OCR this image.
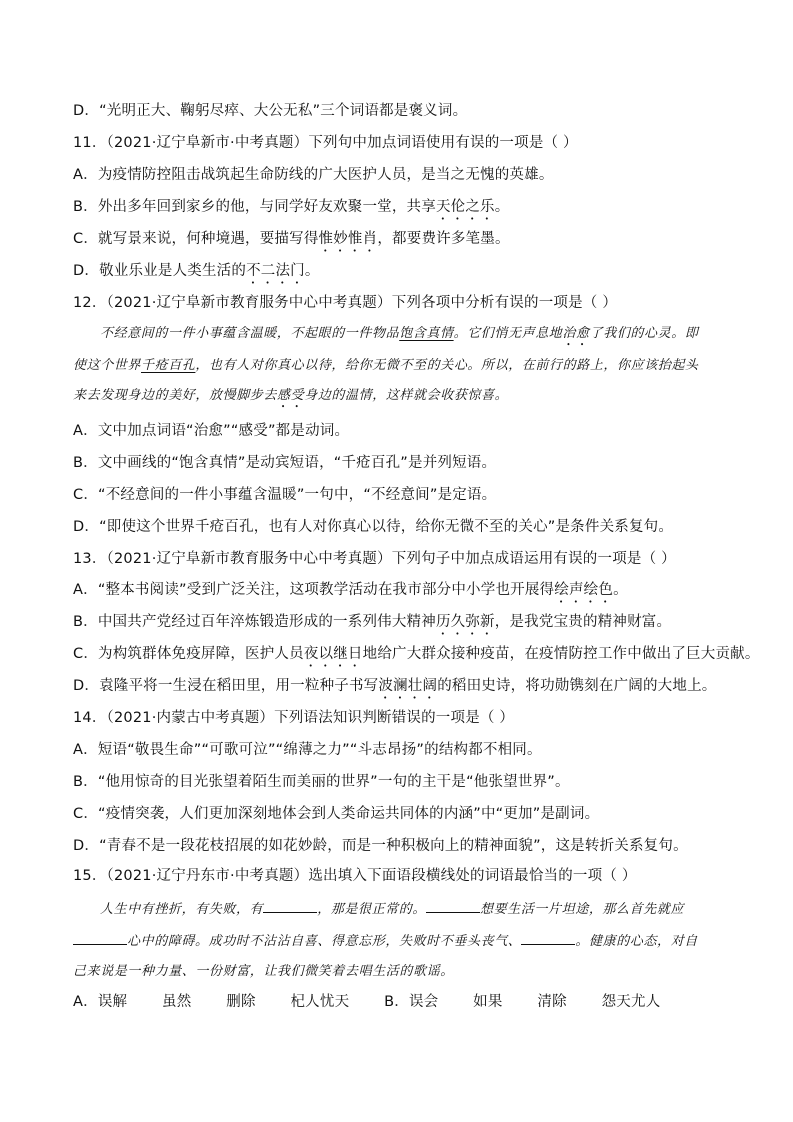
D．“光明正大、鞠躬尽瘁、大公无私”三个词语都是褒义词。
11．（2021·辽宁阜新市·中考真题）下列句中加点词语使用有误的一项是（ ）
A．为疫情防控阻击战筑起生命防线的广大医护人员，是当之无愧的英雄。
B．外出多年回到家乡的他，与同学好友欢聚一堂，共享天伦之乐。
C．就写景来说，何种境遇，要描写得惟妙惟肖，都要费许多笔墨。
D．敬业乐业是人类生活的不二法门。
12．（2021·辽宁阜新市教育服务中心中考真题）下列各项中分析有误的一项是（ ）
不经意间的一件小事蕴含温暖，不起眼的一件物品饱含真情。它们悄无声息地治愈了我们的心灵。即
使这个世界千疮百孔，也有人对你真心以待，给你无微不至的关心。所以，在前行的路上，你应该抬起头
来去发现身边的美好，放慢脚步去感受身边的温情，这样就会收获惊喜。
A．文中加点词语“治愈”“感受”都是动词。
B．文中画线的“饱含真情”是动宾短语，“千疮百孔”是并列短语。
C．“不经意间的一件小事蕴含温暖”一句中，“不经意间”是定语。
D．“即使这个世界千疮百孔，也有人对你真心以待，给你无微不至的关心”是条件关系复句。
13．（2021·辽宁阜新市教育服务中心中考真题）下列句子中加点成语运用有误的一项是（ ）
A．“整本书阅读”受到广泛关注，这项教学活动在我市部分中小学也开展得绘声绘色。
B．中国共产党经过百年淬炼锻造形成的一系列伟大精神历久弥新，是我党宝贵的精神财富。
C．为构筑群体免疫屏障，医护人员夜以继日地给广大群众接种疫苗，在疫情防控工作中做出了巨大贡献。
D．袁隆平将一生浸在稻田里，用一粒种子书写波澜壮阔的稻田史诗，将功勋镌刻在广阔的大地上。
14．（2021·内蒙古中考真题）下列语法知识判断错误的一项是（ ）
A．短语“敬畏生命”“可歌可泣”“绵薄之力”“斗志昂扬”的结构都不相同。
B．“他用惊奇的目光张望着陌生而美丽的世界”一句的主干是“他张望世界”。
C．“疫情突袭，人们更加深刻地体会到人类命运共同体的内涵”中“更加”是副词。
D．“青春不是一段花枝招展的如花妙龄，而是一种积极向上的精神面貌”，这是转折关系复句。
15．（2021·辽宁丹东市·中考真题）选出填入下面语段横线处的词语最恰当的一项（ ）
人生中有挫折，有失败，有	，那是很正常的。	想要生活一片坦途，那么首先就应
心中的障碍。成功时不沾沾自喜、得意忘形，失败时不垂头丧气、	。健康的心态，对自
己来说是一种力量、一份财富，让我们微笑着去唱生活的歌谣。
A．误解 虽然 删除 杞人忧天 B．误会 如果 清除 怨天尤人
